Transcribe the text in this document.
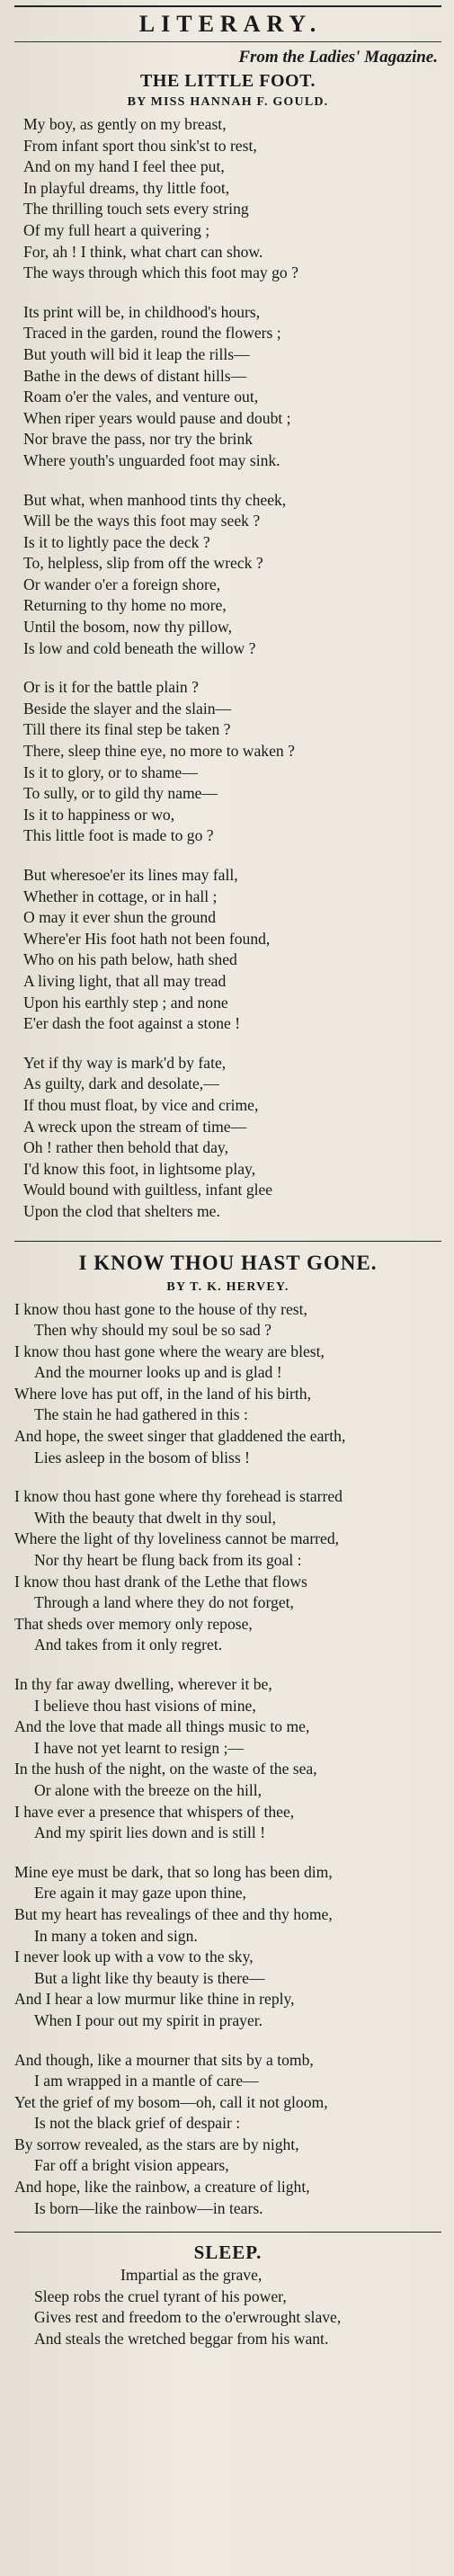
LITERARY.
From the Ladies' Magazine.
THE LITTLE FOOT.
BY MISS HANNAH F. GOULD.
My boy, as gently on my breast,
From infant sport thou sink'st to rest,
And on my hand I feel thee put,
In playful dreams, thy little foot,
The thrilling touch sets every string
Of my full heart a quivering ;
For, ah ! I think, what chart can show.
The ways through which this foot may go ?
Its print will be, in childhood's hours,
Traced in the garden, round the flowers ;
But youth will bid it leap the rills—
Bathe in the dews of distant hills—
Roam o'er the vales, and venture out,
When riper years would pause and doubt ;
Nor brave the pass, nor try the brink
Where youth's unguarded foot may sink.
But what, when manhood tints thy cheek,
Will be the ways this foot may seek ?
Is it to lightly pace the deck ?
To, helpless, slip from off the wreck ?
Or wander o'er a foreign shore,
Returning to thy home no more,
Until the bosom, now thy pillow,
Is low and cold beneath the willow ?
Or is it for the battle plain ?
Beside the slayer and the slain—
Till there its final step be taken ?
There, sleep thine eye, no more to waken ?
Is it to glory, or to shame—
To sully, or to gild thy name—
Is it to happiness or wo,
This little foot is made to go ?
But wheresoe'er its lines may fall,
Whether in cottage, or in hall ;
O may it ever shun the ground
Where'er His foot hath not been found,
Who on his path below, hath shed
A living light, that all may tread
Upon his earthly step ; and none
E'er dash the foot against a stone !
Yet if thy way is mark'd by fate,
As guilty, dark and desolate,—
If thou must float, by vice and crime,
A wreck upon the stream of time—
Oh ! rather then behold that day,
I'd know this foot, in lightsome play,
Would bound with guiltless, infant glee
Upon the clod that shelters me.
I KNOW THOU HAST GONE.
BY T. K. HERVEY.
I know thou hast gone to the house of thy rest,
Then why should my soul be so sad ?
I know thou hast gone where the weary are blest,
And the mourner looks up and is glad !
Where love has put off, in the land of his birth,
The stain he had gathered in this :
And hope, the sweet singer that gladdened the earth,
Lies asleep in the bosom of bliss !
I know thou hast gone where thy forehead is starred
With the beauty that dwelt in thy soul,
Where the light of thy loveliness cannot be marred,
Nor thy heart be flung back from its goal :
I know thou hast drank of the Lethe that flows
Through a land where they do not forget,
That sheds over memory only repose,
And takes from it only regret.
In thy far away dwelling, wherever it be,
I believe thou hast visions of mine,
And the love that made all things music to me,
I have not yet learnt to resign ;—
In the hush of the night, on the waste of the sea,
Or alone with the breeze on the hill,
I have ever a presence that whispers of thee,
And my spirit lies down and is still !
Mine eye must be dark, that so long has been dim,
Ere again it may gaze upon thine,
But my heart has revealings of thee and thy home,
In many a token and sign.
I never look up with a vow to the sky,
But a light like thy beauty is there—
And I hear a low murmur like thine in reply,
When I pour out my spirit in prayer.
And though, like a mourner that sits by a tomb,
I am wrapped in a mantle of care—
Yet the grief of my bosom—oh, call it not gloom,
Is not the black grief of despair :
By sorrow revealed, as the stars are by night,
Far off a bright vision appears,
And hope, like the rainbow, a creature of light,
Is born—like the rainbow—in tears.
SLEEP.
Impartial as the grave,
Sleep robs the cruel tyrant of his power,
Gives rest and freedom to the o'erwrought slave,
And steals the wretched beggar from his want.
